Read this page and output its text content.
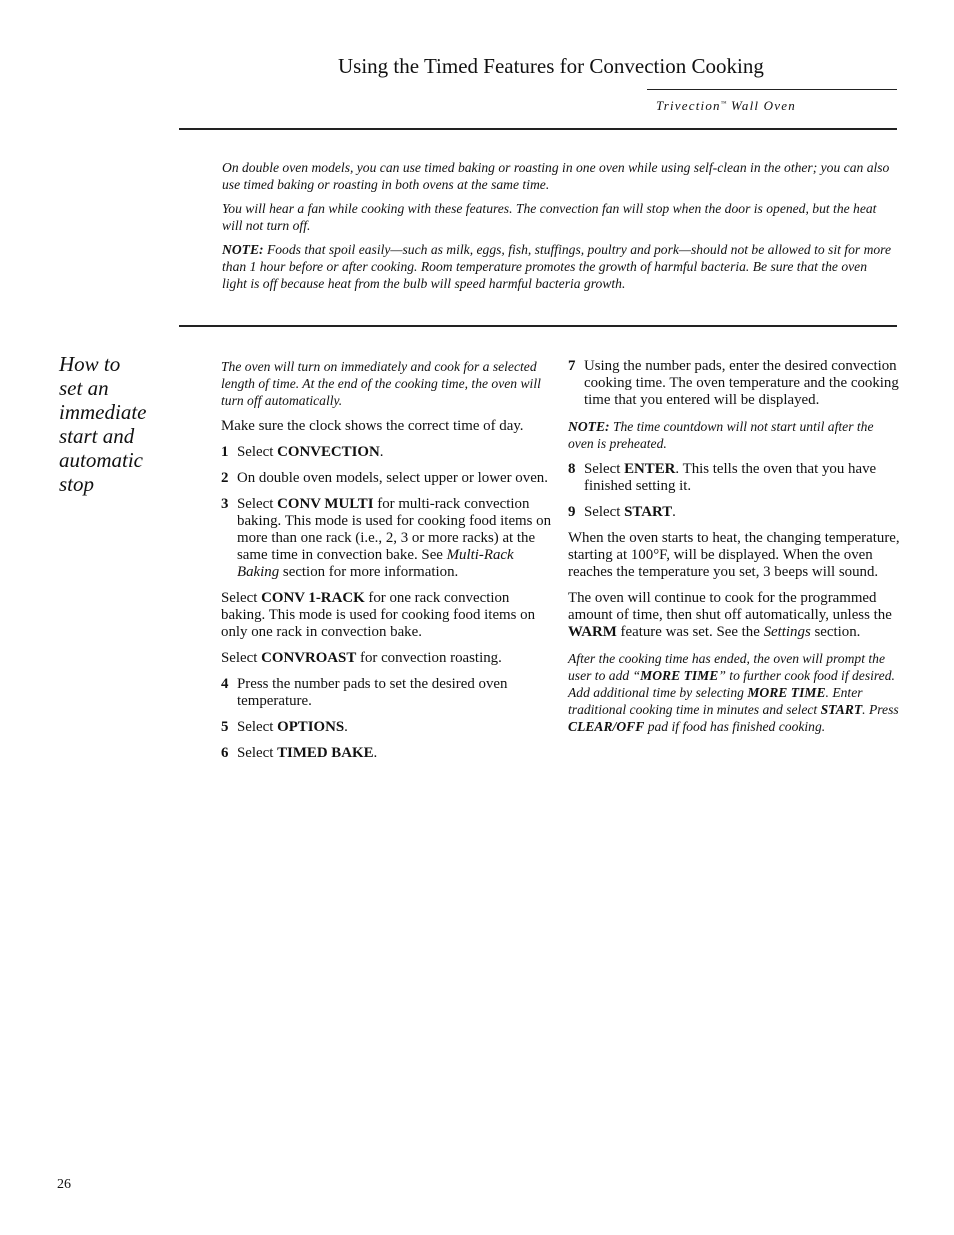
Using the Timed Features for Convection Cooking
Trivection™ Wall Oven

On double oven models, you can use timed baking or roasting in one oven while using self-clean in the other; you can also use timed baking or roasting in both ovens at the same time.

You will hear a fan while cooking with these features. The convection fan will stop when the door is opened, but the heat will not turn off.

NOTE: Foods that spoil easily—such as milk, eggs, fish, stuffings, poultry and pork—should not be allowed to sit for more than 1 hour before or after cooking. Room temperature promotes the growth of harmful bacteria. Be sure that the oven light is off because heat from the bulb will speed harmful bacteria growth.

How to
set an
immediate
start and
automatic
stop

The oven will turn on immediately and cook for a selected length of time. At the end of the cooking time, the oven will turn off automatically.

Make sure the clock shows the correct time of day.

1 Select CONVECTION.
2 On double oven models, select upper or lower oven.
3 Select CONV MULTI for multi-rack convection baking. This mode is used for cooking food items on more than one rack (i.e., 2, 3 or more racks) at the same time in convection bake. See Multi-Rack Baking section for more information.

Select CONV 1-RACK for one rack convection baking. This mode is used for cooking food items on only one rack in convection bake.

Select CONVROAST for convection roasting.

4 Press the number pads to set the desired oven temperature.
5 Select OPTIONS.
6 Select TIMED BAKE.
7 Using the number pads, enter the desired convection cooking time. The oven temperature and the cooking time that you entered will be displayed.

NOTE: The time countdown will not start until after the oven is preheated.

8 Select ENTER. This tells the oven that you have finished setting it.
9 Select START.

When the oven starts to heat, the changing temperature, starting at 100°F, will be displayed. When the oven reaches the temperature you set, 3 beeps will sound.

The oven will continue to cook for the programmed amount of time, then shut off automatically, unless the WARM feature was set. See the Settings section.

After the cooking time has ended, the oven will prompt the user to add “MORE TIME” to further cook food if desired. Add additional time by selecting MORE TIME. Enter traditional cooking time in minutes and select START. Press CLEAR/OFF pad if food has finished cooking.

26
